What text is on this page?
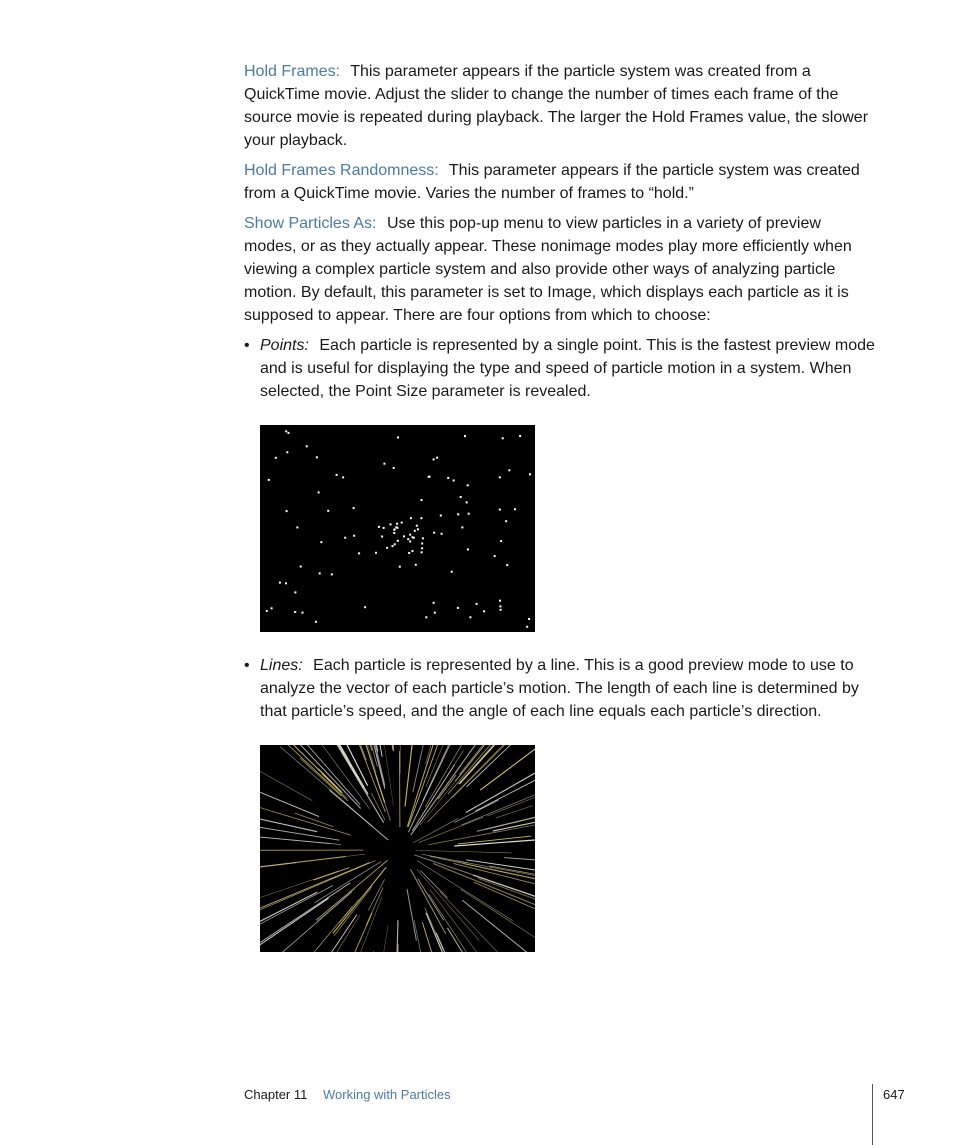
Hold Frames: This parameter appears if the particle system was created from a QuickTime movie. Adjust the slider to change the number of times each frame of the source movie is repeated during playback. The larger the Hold Frames value, the slower your playback.

Hold Frames Randomness: This parameter appears if the particle system was created from a QuickTime movie. Varies the number of frames to “hold.”

Show Particles As: Use this pop-up menu to view particles in a variety of preview modes, or as they actually appear. These nonimage modes play more efficiently when viewing a complex particle system and also provide other ways of analyzing particle motion. By default, this parameter is set to Image, which displays each particle as it is supposed to appear. There are four options from which to choose:

• Points: Each particle is represented by a single point. This is the fastest preview mode and is useful for displaying the type and speed of particle motion in a system. When selected, the Point Size parameter is revealed.
• Lines: Each particle is represented by a line. This is a good preview mode to use to analyze the vector of each particle’s motion. The length of each line is determined by that particle’s speed, and the angle of each line equals each particle’s direction.
Chapter 11 Working with Particles	647
